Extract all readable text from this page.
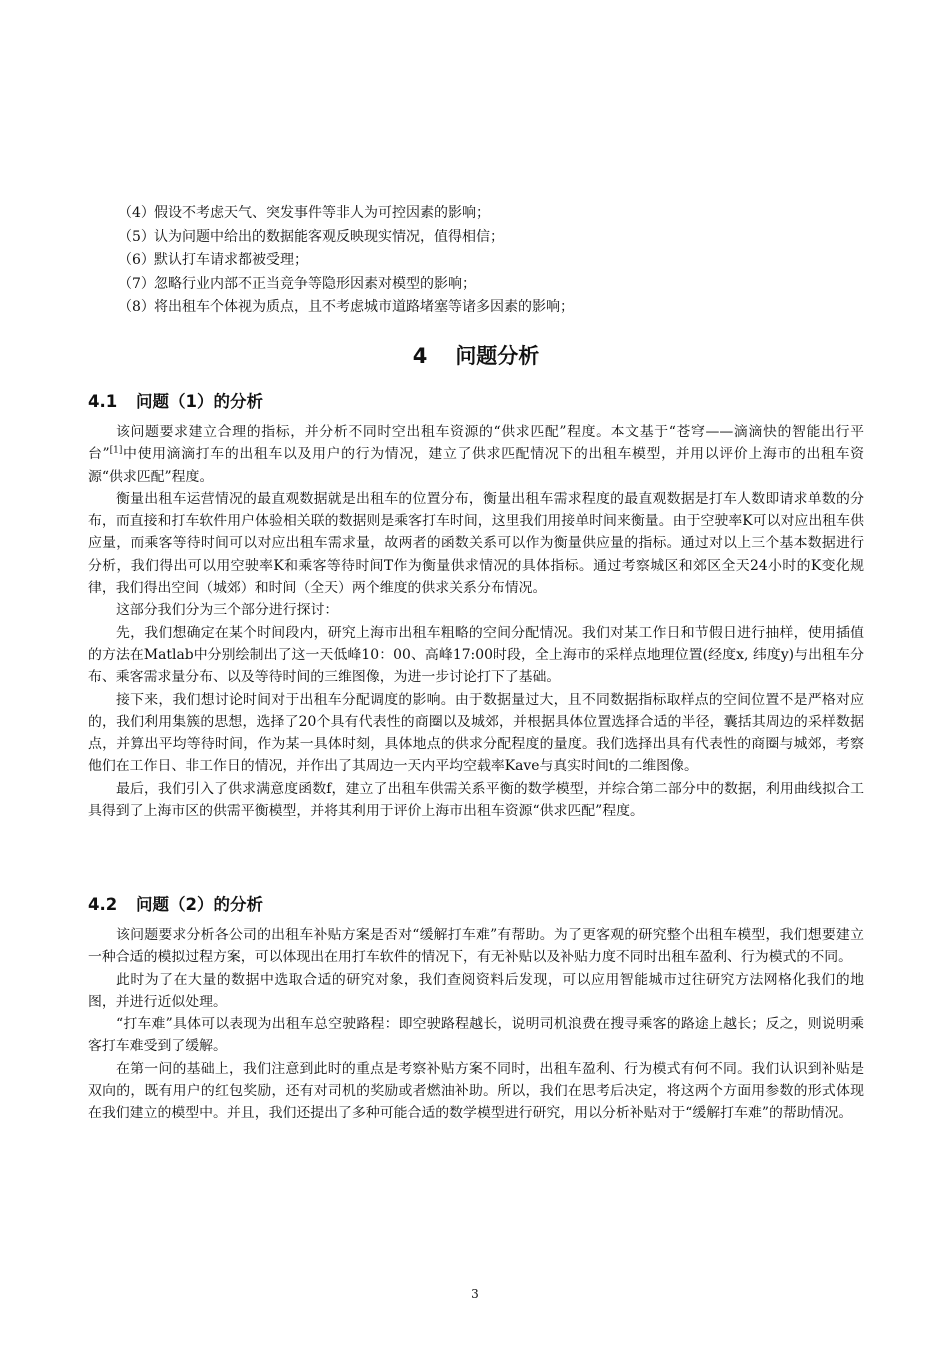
（4）假设不考虑天气、突发事件等非人为可控因素的影响；
（5）认为问题中给出的数据能客观反映现实情况，值得相信；
（6）默认打车请求都被受理；
（7）忽略行业内部不正当竞争等隐形因素对模型的影响；
（8）将出租车个体视为质点，且不考虑城市道路堵塞等诸多因素的影响；
4 问题分析
4.1 问题（1）的分析

该问题要求建立合理的指标，并分析不同时空出租车资源的“供求匹配”程度。本文基于“苍穹——滴滴快的智能出行平台”[1]中使用滴滴打车的出租车以及用户的行为情况，建立了供求匹配情况下的出租车模型，并用以评价上海市的出租车资源“供求匹配”程度。

衡量出租车运营情况的最直观数据就是出租车的位置分布，衡量出租车需求程度的最直观数据是打车人数即请求单数的分布，而直接和打车软件用户体验相关联的数据则是乘客打车时间，这里我们用接单时间来衡量。由于空驶率K可以对应出租车供应量，而乘客等待时间可以对应出租车需求量，故两者的函数关系可以作为衡量供应量的指标。通过对以上三个基本数据进行分析，我们得出可以用空驶率K和乘客等待时间T作为衡量供求情况的具体指标。通过考察城区和郊区全天24小时的K变化规律，我们得出空间（城郊）和时间（全天）两个维度的供求关系分布情况。

这部分我们分为三个部分进行探讨：

先，我们想确定在某个时间段内，研究上海市出租车粗略的空间分配情况。我们对某工作日和节假日进行抽样，使用插值的方法在Matlab中分别绘制出了这一天低峰10：00、高峰17:00时段，全上海市的采样点地理位置(经度x, 纬度y)与出租车分布、乘客需求量分布、以及等待时间的三维图像，为进一步讨论打下了基础。

接下来，我们想讨论时间对于出租车分配调度的影响。由于数据量过大，且不同数据指标取样点的空间位置不是严格对应的，我们利用集簇的思想，选择了20个具有代表性的商圈以及城郊，并根据具体位置选择合适的半径，囊括其周边的采样数据点，并算出平均等待时间，作为某一具体时刻，具体地点的供求分配程度的量度。我们选择出具有代表性的商圈与城郊，考察他们在工作日、非工作日的情况，并作出了其周边一天内平均空载率Kave与真实时间t的二维图像。

最后，我们引入了供求满意度函数f，建立了出租车供需关系平衡的数学模型，并综合第二部分中的数据，利用曲线拟合工具得到了上海市区的供需平衡模型，并将其利用于评价上海市出租车资源“供求匹配”程度。

4.2 问题（2）的分析

该问题要求分析各公司的出租车补贴方案是否对“缓解打车难”有帮助。为了更客观的研究整个出租车模型，我们想要建立一种合适的模拟过程方案，可以体现出在用打车软件的情况下，有无补贴以及补贴力度不同时出租车盈利、行为模式的不同。

此时为了在大量的数据中选取合适的研究对象，我们查阅资料后发现，可以应用智能城市过往研究方法网格化我们的地图，并进行近似处理。

“打车难”具体可以表现为出租车总空驶路程：即空驶路程越长，说明司机浪费在搜寻乘客的路途上越长；反之，则说明乘客打车难受到了缓解。

在第一问的基础上，我们注意到此时的重点是考察补贴方案不同时，出租车盈利、行为模式有何不同。我们认识到补贴是双向的，既有用户的红包奖励，还有对司机的奖励或者燃油补助。所以，我们在思考后决定，将这两个方面用参数的形式体现在我们建立的模型中。并且，我们还提出了多种可能合适的数学模型进行研究，用以分析补贴对于“缓解打车难”的帮助情况。

3
